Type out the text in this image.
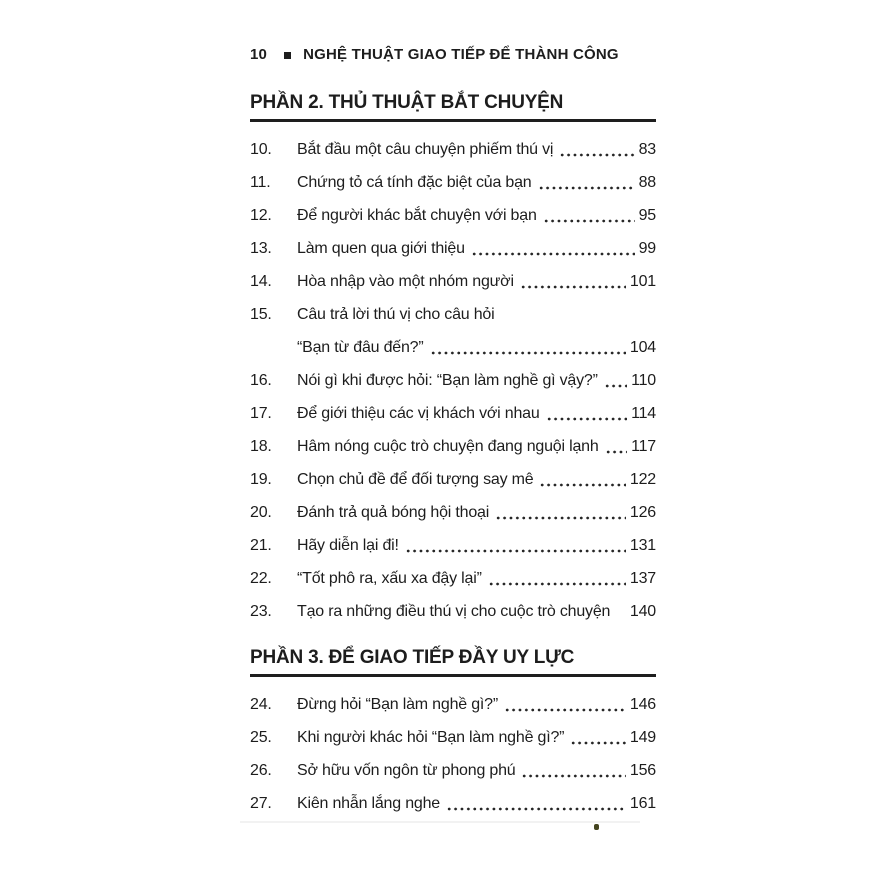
10 NGHỆ THUẬT GIAO TIẾP ĐỂ THÀNH CÔNG
PHẦN 2. THỦ THUẬT BẮT CHUYỆN
10.	Bắt đầu một câu chuyện phiếm thú vị	83
11.	Chứng tỏ cá tính đặc biệt của bạn	88
12.	Để người khác bắt chuyện với bạn	95
13.	Làm quen qua giới thiệu	99
14.	Hòa nhập vào một nhóm người	101
15.	Câu trả lời thú vị cho câu hỏi
“Bạn từ đâu đến?”	104
16.	Nói gì khi được hỏi: “Bạn làm nghề gì vậy?” 110
17.	Để giới thiệu các vị khách với nhau	114
18.	Hâm nóng cuộc trò chuyện đang nguội lạnh 117
19.	Chọn chủ đề để đối tượng say mê	122
20.	Đánh trả quả bóng hội thoại	126
21.	Hãy diễn lại đi!	131
22.	“Tốt phô ra, xấu xa đậy lại”	137
23.	Tạo ra những điều thú vị cho cuộc trò chuyện 140
PHẦN 3. ĐỂ GIAO TIẾP ĐẦY UY LỰC
24.	Đừng hỏi “Bạn làm nghề gì?”	146
25.	Khi người khác hỏi “Bạn làm nghề gì?”	149
26.	Sở hữu vốn ngôn từ phong phú	156
27.	Kiên nhẫn lắng nghe	161
